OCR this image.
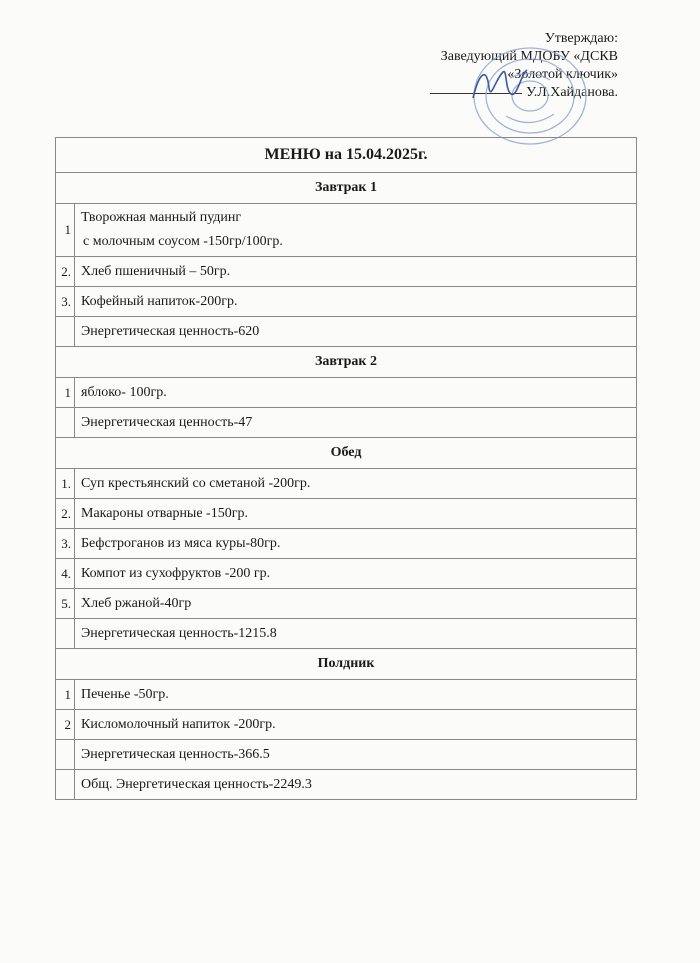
Утверждаю:
Заведующий МДОБУ «ДСКВ
«Золотой ключик»
У.Л.Хайданова.
МЕНЮ на 15.04.2025г.	
Завтрак 1	
1	Творожная манный пудинг
с молочным соусом -150гр/100гр.

2.	Хлеб пшеничный – 50гр.
3.	Кофейный напиток-200гр.
	Энергетическая ценность-620
Завтрак 2	
1	яблоко- 100гр.
	Энергетическая ценность-47
Обед	
1.	Суп крестьянский со сметаной -200гр.
2.	Макароны отварные -150гр.
3.	Бефстроганов из мяса куры-80гр.
4.	Компот из сухофруктов -200 гр.
5.	Хлеб ржаной-40гр
	Энергетическая ценность-1215.8
Полдник	
1	Печенье -50гр.
2	Кисломолочный напиток -200гр.
	Энергетическая ценность-366.5
	Общ. Энергетическая ценность-2249.3
